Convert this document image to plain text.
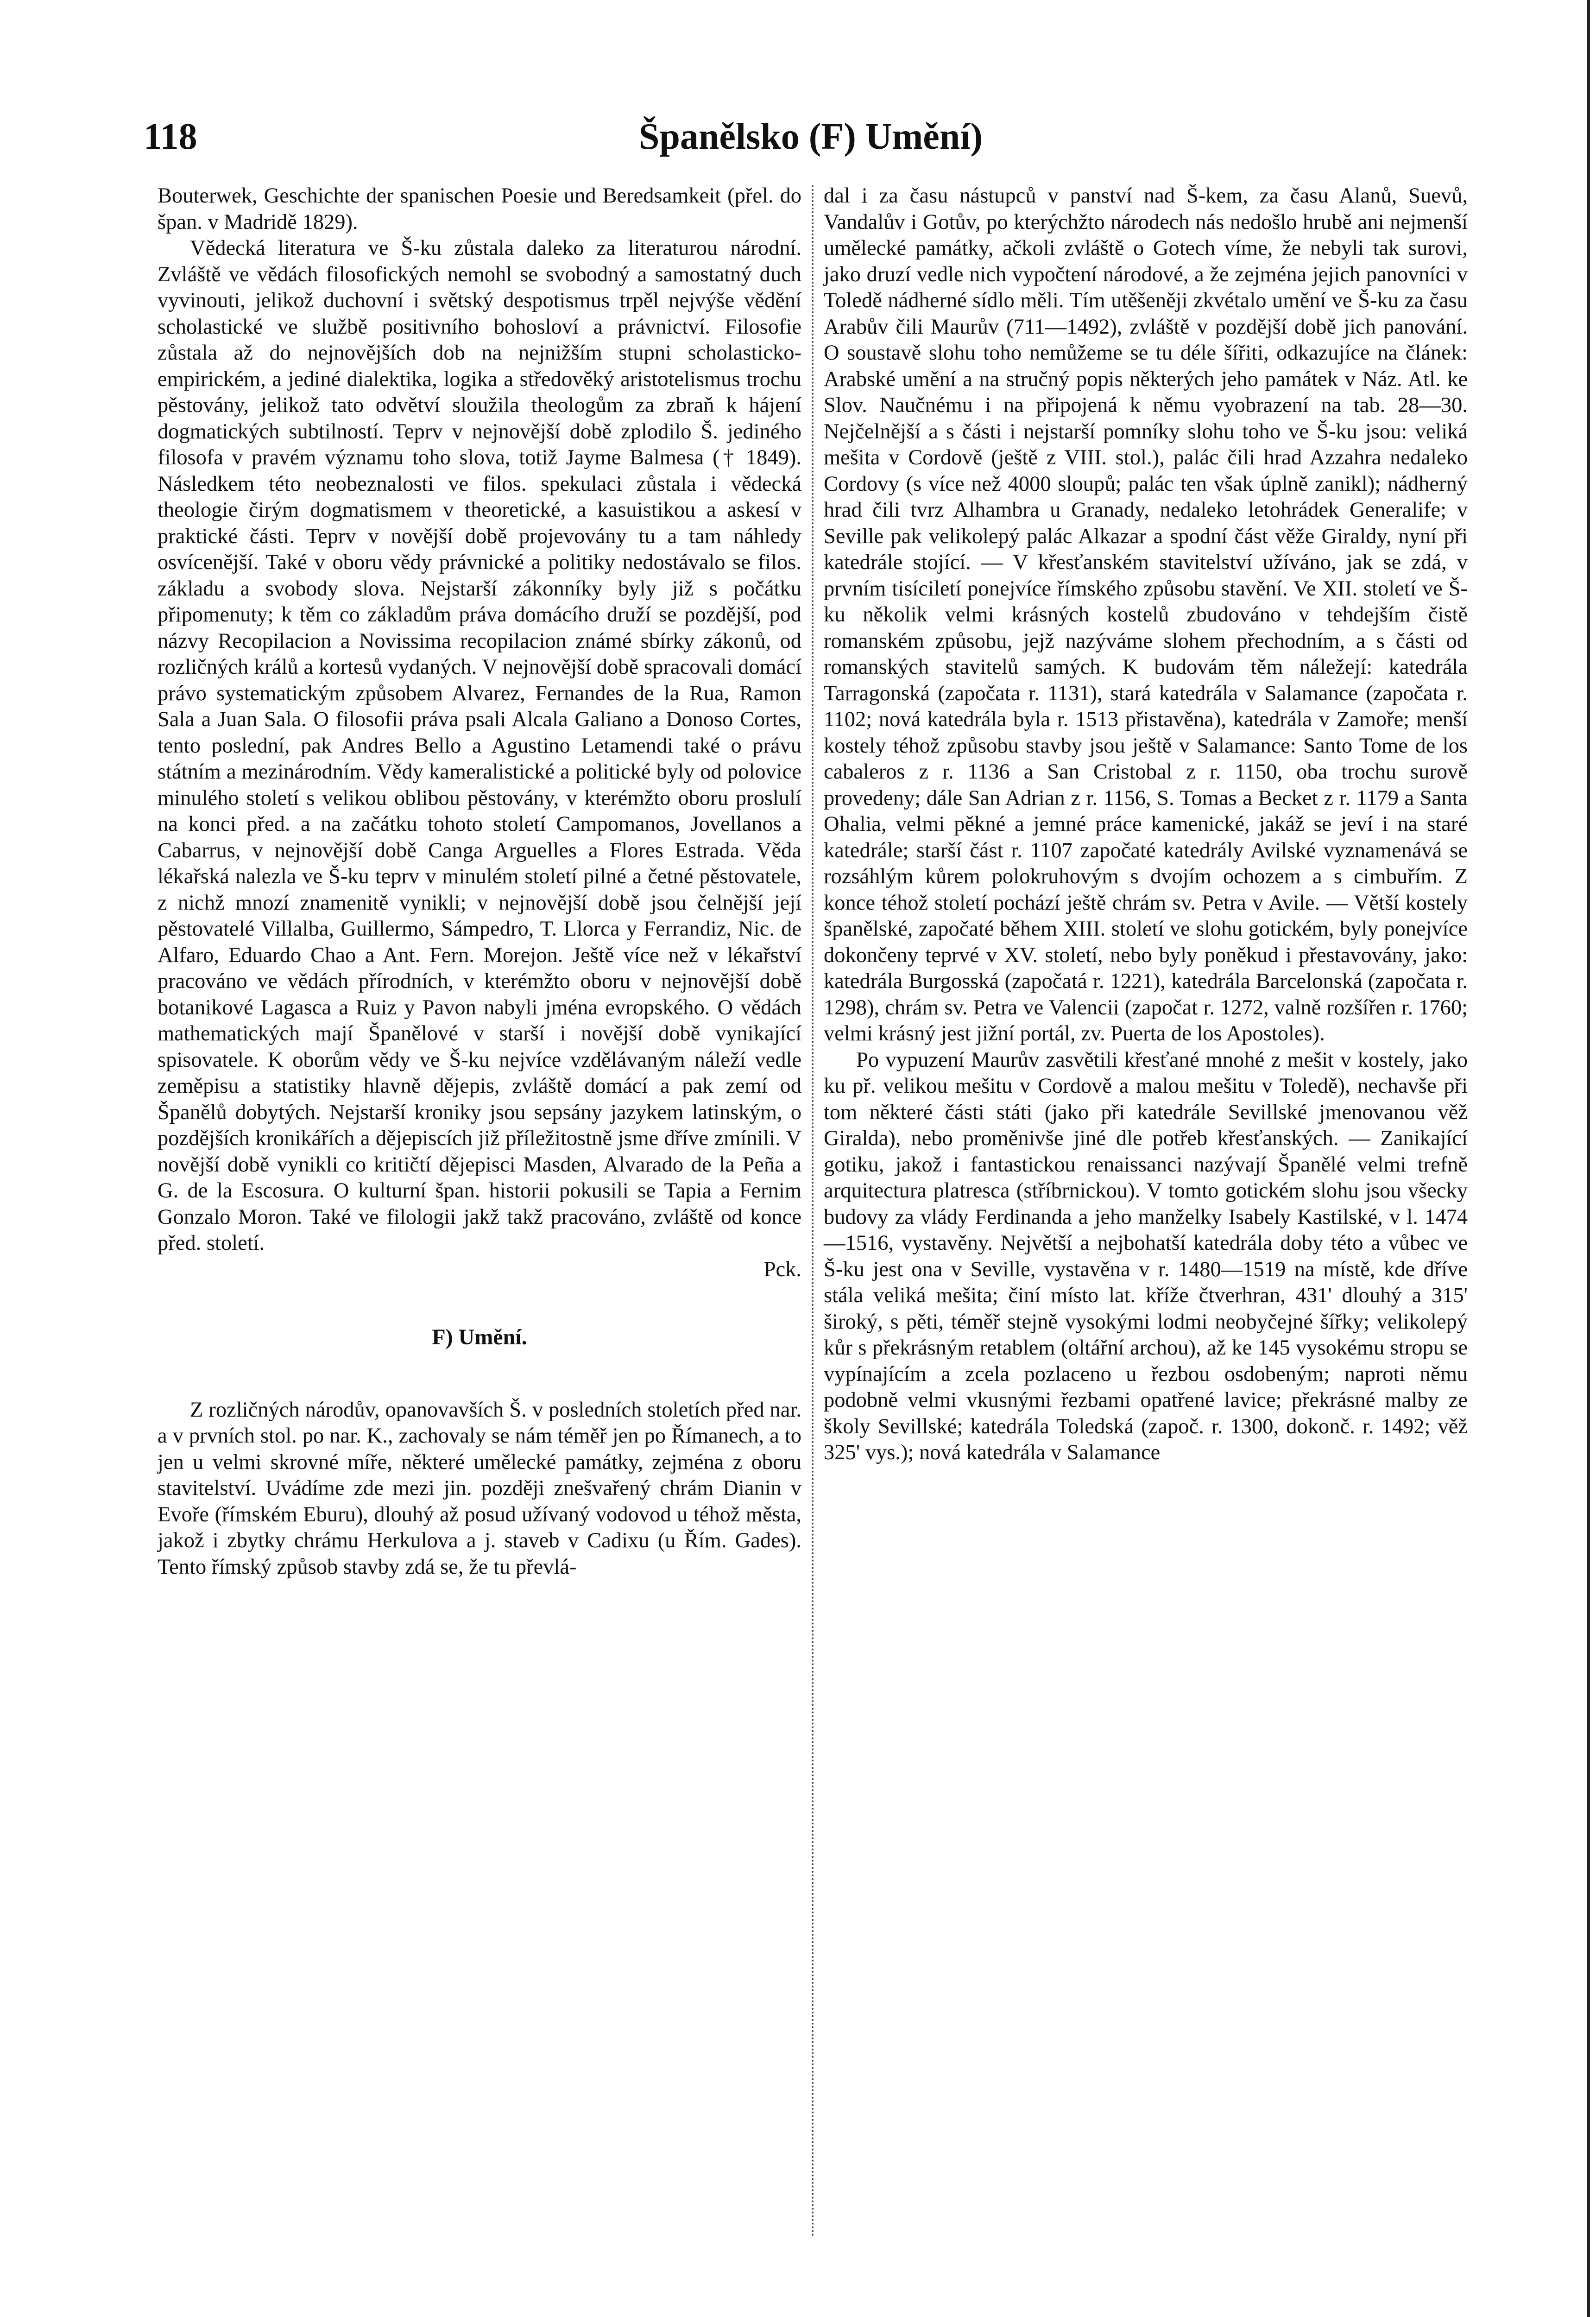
118	Španělsko (F) Umění)

Bouterwek, Geschichte der spanischen Poesie und Beredsamkeit (přel. do špan. v Madridě 1829).

Vědecká literatura ve Š-ku zůstala daleko za literaturou národní. Zvláště ve vědách filosofických nemohl se svobodný a samostatný duch vyvinouti, jelikož duchovní i světský despotismus trpěl nejvýše vědění scholastické ve službě positivního bohosloví a právnictví. Filosofie zůstala až do nejnovějších dob na nejnižším stupni scholasticko-empirickém, a jediné dialektika, logika a středověký aristotelismus trochu pěstovány, jelikož tato odvětví sloužila theologům za zbraň k hájení dogmatických subtilností. Teprv v nejnovější době zplodilo Š. jediného filosofa v pravém významu toho slova, totiž Jayme Balmesa († 1849). Následkem této neobeznalosti ve filos. spekulaci zůstala i vědecká theologie čirým dogmatismem v theoretické, a kasuistikou a askesí v praktické části. Teprv v novější době projevovány tu a tam náhledy osvícenější. Také v oboru vědy právnické a politiky nedostávalo se filos. základu a svobody slova. Nejstarší zákonníky byly již s počátku připomenuty; k těm co základům práva domácího druží se pozdější, pod názvy Recopilacion a Novissima recopilacion známé sbírky zákonů, od rozličných králů a kortesů vydaných. V nejnovější době spracovali domácí právo systematickým způsobem Alvarez, Fernandes de la Rua, Ramon Sala a Juan Sala. O filosofii práva psali Alcala Galiano a Donoso Cortes, tento poslední, pak Andres Bello a Agustino Letamendi také o právu státním a mezinárodním. Vědy kameralistické a politické byly od polovice minulého století s velikou oblibou pěstovány, v kterémžto oboru proslulí na konci před. a na začátku tohoto století Campomanos, Jovellanos a Cabarrus, v nejnovější době Canga Arguelles a Flores Estrada. Věda lékařská nalezla ve Š-ku teprv v minulém století pilné a četné pěstovatele, z nichž mnozí znamenitě vynikli; v nejnovější době jsou čelnější její pěstovatelé Villalba, Guillermo, Sámpedro, T. Llorca y Ferrandiz, Nic. de Alfaro, Eduardo Chao a Ant. Fern. Morejon. Ještě více než v lékařství pracováno ve vědách přírodních, v kterémžto oboru v nejnovější době botanikové Lagasca a Ruiz y Pavon nabyli jména evropského. O vědách mathematických mají Španělové v starší i novější době vynikající spisovatele. K oborům vědy ve Š-ku nejvíce vzdělávaným náleží vedle zeměpisu a statistiky hlavně dějepis, zvláště domácí a pak zemí od Španělů dobytých. Nejstarší kroniky jsou sepsány jazykem latinským, o pozdějších kronikářích a dějepiscích již příležitostně jsme dříve zmínili. V novější době vynikli co kritičtí dějepisci Masden, Alvarado de la Peña a G. de la Escosura. O kulturní špan. historii pokusili se Tapia a Fernim Gonzalo Moron. Také ve filologii jakž takž pracováno, zvláště od konce před. století.

Pck.

F) Umění.

Z rozličných národův, opanovavších Š. v posledních stoletích před nar. a v prvních stol. po nar. K., zachovaly se nám téměř jen po Římanech, a to jen u velmi skrovné míře, některé umělecké památky, zejména z oboru stavitelství. Uvádíme zde mezi jin. později znešvařený chrám Dianin v Evoře (římském Eburu), dlouhý až posud užívaný vodovod u téhož města, jakož i zbytky chrámu Herkulova a j. staveb v Cadixu (u Řím. Gades). Tento římský způsob stavby zdá se, že tu převlá-

dal i za času nástupců v panství nad Š-kem, za času Alanů, Suevů, Vandalův i Gotův, po kterýchžto národech nás nedošlo hrubě ani nejmenší umělecké památky, ačkoli zvláště o Gotech víme, že nebyli tak surovi, jako druzí vedle nich vypočtení národové, a že zejména jejich panovníci v Toledě nádherné sídlo měli. Tím utěšeněji zkvétalo umění ve Š-ku za času Arabův čili Maurův (711—1492), zvláště v pozdější době jich panování. O soustavě slohu toho nemůžeme se tu déle šířiti, odkazujíce na článek: Arabské umění a na stručný popis některých jeho památek v Náz. Atl. ke Slov. Naučnému i na připojená k němu vyobrazení na tab. 28—30. Nejčelnější a s části i nejstarší pomníky slohu toho ve Š-ku jsou: veliká mešita v Cordově (ještě z VIII. stol.), palác čili hrad Azzahra nedaleko Cordovy (s více než 4000 sloupů; palác ten však úplně zanikl); nádherný hrad čili tvrz Alhambra u Granady, nedaleko letohrádek Generalife; v Seville pak velikolepý palác Alkazar a spodní část věže Giraldy, nyní při katedrále stojící. — V křesťanském stavitelství užíváno, jak se zdá, v prvním tisíciletí ponejvíce římského způsobu stavění. Ve XII. století ve Š-ku několik velmi krásných kostelů zbudováno v tehdejším čistě romanském způsobu, jejž nazýváme slohem přechodním, a s části od romanských stavitelů samých. K budovám těm náležejí: katedrála Tarragonská (započata r. 1131), stará katedrála v Salamance (započata r. 1102; nová katedrála byla r. 1513 přistavěna), katedrála v Zamoře; menší kostely téhož způsobu stavby jsou ještě v Salamance: Santo Tome de los cabaleros z r. 1136 a San Cristobal z r. 1150, oba trochu surově provedeny; dále San Adrian z r. 1156, S. Tomas a Becket z r. 1179 a Santa Ohalia, velmi pěkné a jemné práce kamenické, jakáž se jeví i na staré katedrále; starší část r. 1107 započaté katedrály Avilské vyznamenává se rozsáhlým kůrem polokruhovým s dvojím ochozem a s cimbuřím. Z konce téhož století pochází ještě chrám sv. Petra v Avile. — Větší kostely španělské, započaté během XIII. století ve slohu gotickém, byly ponejvíce dokončeny teprvé v XV. století, nebo byly poněkud i přestavovány, jako: katedrála Burgosská (započatá r. 1221), katedrála Barcelonská (započata r. 1298), chrám sv. Petra ve Valencii (započat r. 1272, valně rozšířen r. 1760; velmi krásný jest jižní portál, zv. Puerta de los Apostoles).

Po vypuzení Maurův zasvětili křesťané mnohé z mešit v kostely, jako ku př. velikou mešitu v Cordově a malou mešitu v Toledě), nechavše při tom některé části státi (jako při katedrále Sevillské jmenovanou věž Giralda), nebo proměnivše jiné dle potřeb křesťanských. — Zanikající gotiku, jakož i fantastickou renaissanci nazývají Španělé velmi trefně arquitectura platresca (stříbrnickou). V tomto gotickém slohu jsou všecky budovy za vlády Ferdinanda a jeho manželky Isabely Kastilské, v l. 1474—1516, vystavěny. Největší a nejbohatší katedrála doby této a vůbec ve Š-ku jest ona v Seville, vystavěna v r. 1480—1519 na místě, kde dříve stála veliká mešita; činí místo lat. kříže čtverhran, 431' dlouhý a 315' široký, s pěti, téměř stejně vysokými lodmi neobyčejné šířky; velikolepý kůr s překrásným retablem (oltářní archou), až ke 145 vysokému stropu se vypínajícím a zcela pozlaceno u řezbou osdobeným; naproti němu podobně velmi vkusnými řezbami opatřené lavice; překrásné malby ze školy Sevillské; katedrála Toledská (započ. r. 1300, dokonč. r. 1492; věž 325' vys.); nová katedrála v Salamance
